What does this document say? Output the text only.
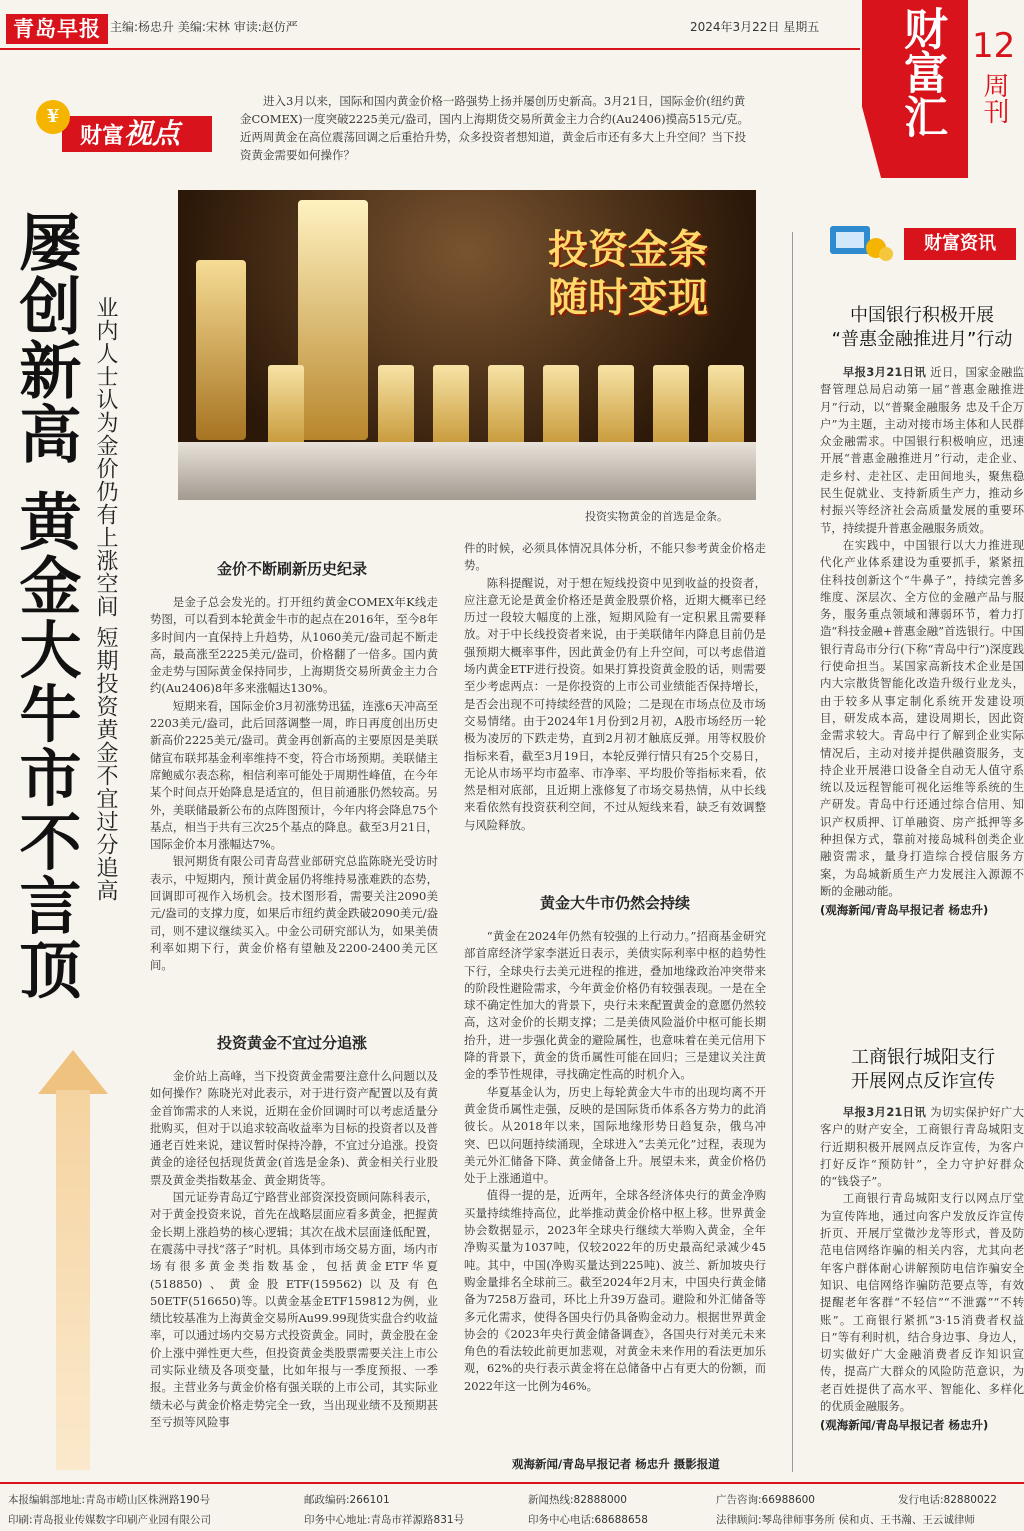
青岛早报 主编:杨忠升 美编:宋林 审读:赵仿严	2024年3月22日 星期五 财富汇 12
周刊
财富视点
¥
进入3月以来，国际和国内黄金价格一路强势上扬并屡创历史新高。3月21日，国际金价(纽约黄金COMEX)一度突破2225美元/盎司，国内上海期货交易所黄金主力合约(Au2406)摸高515元/克。近两周黄金在高位震荡回调之后重拾升势，众多投资者想知道，黄金后市还有多大上升空间？当下投资黄金需要如何操作？
屡创新高 黄金大牛市不言顶 业内人士认为金价仍有上涨空间 短期投资黄金不宜过分追高
投资金条
随时变现
投资实物黄金的首选是金条。
金价不断刷新历史纪录

是金子总会发光的。打开纽约黄金COMEX年K线走势图，可以看到本轮黄金牛市的起点在2016年，至今8年多时间内一直保持上升趋势，从1060美元/盎司起不断走高，最高涨至2225美元/盎司，价格翻了一倍多。国内黄金走势与国际黄金保持同步，上海期货交易所黄金主力合约(Au2406)8年多来涨幅达130%。

短期来看，国际金价3月初涨势迅猛，连涨6天冲高至2203美元/盎司，此后回落调整一周，昨日再度创出历史新高价2225美元/盎司。黄金再创新高的主要原因是美联储宣布联邦基金利率维持不变，符合市场预期。美联储主席鲍威尔表态称，相信利率可能处于周期性峰值，在今年某个时间点开始降息是适宜的，但目前通胀仍然较高。另外，美联储最新公布的点阵图预计，今年内将会降息75个基点，相当于共有三次25个基点的降息。截至3月21日，国际金价本月涨幅达7%。

银河期货有限公司青岛营业部研究总监陈晓光受访时表示，中短期内，预计黄金届仍将维持易涨难跌的态势，回调即可视作入场机会。技术图形看，需要关注2090美元/盎司的支撑力度，如果后市纽约黄金跌破2090美元/盎司，则不建议继续买入。中金公司研究部认为，如果美债利率如期下行，黄金价格有望触及2200-2400美元区间。

投资黄金不宜过分追涨

金价站上高峰，当下投资黄金需要注意什么问题以及如何操作？陈晓光对此表示，对于进行资产配置以及有黄金首饰需求的人来说，近期在金价回调时可以考虑适量分批购买，但对于以追求较高收益率为目标的投资者以及普通老百姓来说，建议暂时保持冷静，不宜过分追涨。投资黄金的途径包括现货黄金(首选是金条)、黄金相关行业股票及黄金类指数基金、黄金期货等。

国元证券青岛辽宁路营业部资深投资顾问陈科表示，对于黄金投资来说，首先在战略层面应看多黄金，把握黄金长期上涨趋势的核心逻辑；其次在战术层面逢低配置，在震荡中寻找“落子”时机。具体到市场交易方面，场内市场有很多黄金类指数基金，包括黄金ETF华夏(518850)、黄金股ETF(159562)以及有色50ETF(516650)等。以黄金基金ETF159812为例，业绩比较基准为上海黄金交易所Au99.99现货实盘合约收益率，可以通过场内交易方式投资黄金。同时，黄金股在金价上涨中弹性更大些，但投资黄金类股票需要关注上市公司实际业绩及各项变量，比如年报与一季度预报、一季报。主营业务与黄金价格有强关联的上市公司，其实际业绩未必与黄金价格走势完全一致，当出现业绩不及预期甚至亏损等风险事

件的时候，必须具体情况具体分析，不能只参考黄金价格走势。

陈科提醒说，对于想在短线投资中见到收益的投资者，应注意无论是黄金价格还是黄金股票价格，近期大概率已经历过一段较大幅度的上涨，短期风险有一定积累且需要释放。对于中长线投资者来说，由于美联储年内降息目前仍是强预期大概率事件，因此黄金仍有上升空间，可以考虑借道场内黄金ETF进行投资。如果打算投资黄金股的话，则需要至少考虑两点：一是你投资的上市公司业绩能否保持增长，是否会出现不可持续经营的风险；二是现在市场点位及市场交易情绪。由于2024年1月份到2月初，A股市场经历一轮极为凌厉的下跌走势，直到2月初才触底反弹。用等权股价指标来看，截至3月19日，本轮反弹行情只有25个交易日，无论从市场平均市盈率、市净率、平均股价等指标来看，依然是相对底部，且近期上涨修复了市场交易热情，从中长线来看依然有投资获利空间，不过从短线来看，缺乏有效调整与风险释放。

黄金大牛市仍然会持续

“黄金在2024年仍然有较强的上行动力。”招商基金研究部首席经济学家李湛近日表示，美债实际利率中枢的趋势性下行，全球央行去美元进程的推进，叠加地缘政治冲突带来的阶段性避险需求，今年黄金价格仍有较强表现。一是在全球不确定性加大的背景下，央行未来配置黄金的意愿仍然较高，这对金价的长期支撑；二是美债风险溢价中枢可能长期抬升，进一步强化黄金的避险属性，也意味着在美元信用下降的背景下，黄金的货币属性可能在回归；三是建议关注黄金的季节性规律，寻找确定性高的时机介入。

华夏基金认为，历史上每轮黄金大牛市的出现均离不开黄金货币属性走强，反映的是国际货币体系各方势力的此消彼长。从2018年以来，国际地缘形势日趋复杂，俄乌冲突、巴以问题持续涌现，全球进入“去美元化”过程，表现为美元外汇储备下降、黄金储备上升。展望未来，黄金价格仍处于上涨通道中。

值得一提的是，近两年，全球各经济体央行的黄金净购买量持续维持高位，此举推动黄金价格中枢上移。世界黄金协会数据显示，2023年全球央行继续大举购入黄金，全年净购买量为1037吨，仅较2022年的历史最高纪录减少45吨。其中，中国(净购买量达到225吨)、波兰、新加坡央行购金量排名全球前三。截至2024年2月末，中国央行黄金储备为7258万盎司，环比上升39万盎司。避险和外汇储备等多元化需求，使得各国央行仍具备购金动力。根据世界黄金协会的《2023年央行黄金储备调查》，各国央行对美元未来角色的看法较此前更加悲观，对黄金未来作用的看法更加乐观，62%的央行表示黄金将在总储备中占有更大的份额，而2022年这一比例为46%。

观海新闻/青岛早报记者 杨忠升 摄影报道
财富资讯
中国银行积极开展
“普惠金融推进月”行动

早报3月21日讯 近日，国家金融监督管理总局启动第一届“普惠金融推进月”行动，以“普聚金融服务 忠及千企万户”为主题，主动对接市场主体和人民群众金融需求。中国银行积极响应，迅速开展“普惠金融推进月”行动，走企业、走乡村、走社区、走田间地头，聚焦稳民生促就业、支持新质生产力，推动乡村振兴等经济社会高质量发展的重要环节，持续提升普惠金融服务质效。

在实践中，中国银行以大力推进现代化产业体系建设为重要抓手，紧紧扭住科技创新这个“牛鼻子”，持续完善多维度、深层次、全方位的金融产品与服务，服务重点领域和薄弱环节，着力打造“科技金融+普惠金融”首选银行。中国银行青岛市分行(下称“青岛中行”)深度践行使命担当。某国家高新技术企业是国内大宗散货智能化改造升级行业龙头，由于较多从事定制化系统开发建设项目，研发成本高，建设周期长，因此资金需求较大。青岛中行了解到企业实际情况后，主动对接并提供融资服务，支持企业开展港口设备全自动无人值守系统以及远程智能可视化运维等系统的生产研发。青岛中行还通过综合信用、知识产权质押、订单融资、房产抵押等多种担保方式，靠前对接岛城科创类企业融资需求，量身打造综合授信服务方案，为岛城新质生产力发展注入源源不断的金融动能。

(观海新闻/青岛早报记者 杨忠升)
工商银行城阳支行
开展网点反诈宣传

早报3月21日讯 为切实保护好广大客户的财产安全，工商银行青岛城阳支行近期积极开展网点反诈宣传，为客户打好反诈“预防针”，全力守护好群众的“钱袋子”。

工商银行青岛城阳支行以网点厅堂为宣传阵地，通过向客户发放反诈宣传折页、开展厅堂微沙龙等形式，普及防范电信网络诈骗的相关内容，尤其向老年客户群体耐心讲解预防电信诈骗安全知识、电信网络诈骗防范要点等，有效提醒老年客群“不轻信”“不泄露”“不转账”。工商银行紧抓“3·15消费者权益日”等有利时机，结合身边事、身边人，切实做好广大金融消费者反诈知识宣传，提高广大群众的风险防范意识，为老百姓提供了高水平、智能化、多样化的优质金融服务。

(观海新闻/青岛早报记者 杨忠升)
本报编辑部地址:青岛市崂山区株洲路190号	邮政编码:266101	新闻热线:82888000	广告咨询:66988600	发行电话:82880022
印刷:青岛报业传媒数字印刷产业园有限公司	印务中心地址:青岛市祥源路831号	印务中心电话:68688658	法律顾问:琴岛律师事务所 侯和贞、王书瀚、王云诚律师
